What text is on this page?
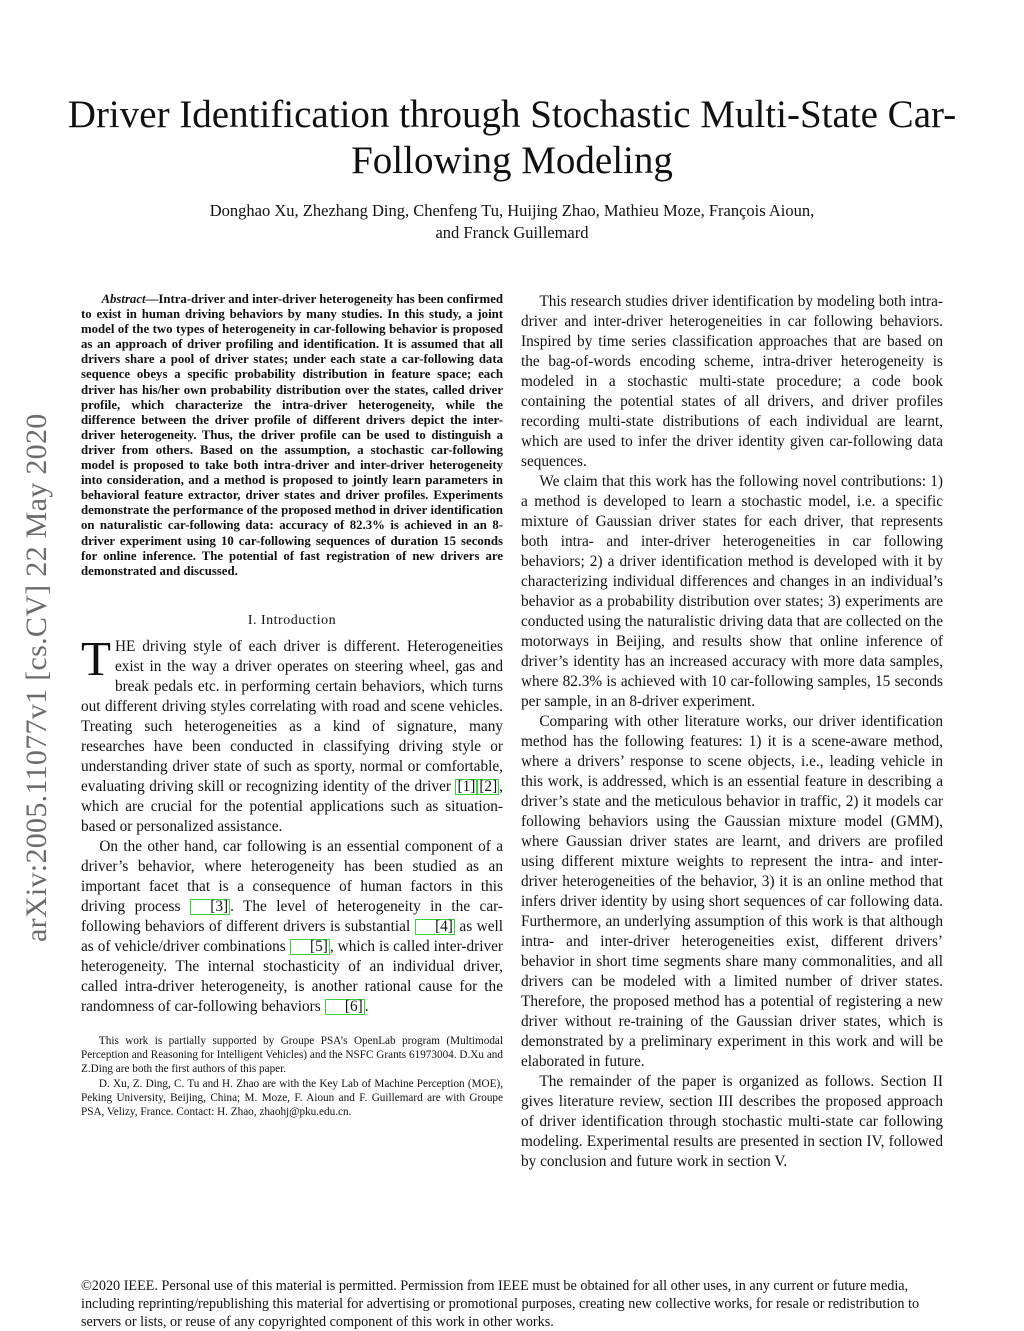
arXiv:2005.11077v1 [cs.CV] 22 May 2020
Driver Identification through Stochastic Multi-State Car-Following Modeling
Donghao Xu, Zhezhang Ding, Chenfeng Tu, Huijing Zhao, Mathieu Moze, François Aioun,
and Franck Guillemard

Abstract—Intra-driver and inter-driver heterogeneity has been confirmed to exist in human driving behaviors by many studies. In this study, a joint model of the two types of heterogeneity in car-following behavior is proposed as an approach of driver profiling and identification. It is assumed that all drivers share a pool of driver states; under each state a car-following data sequence obeys a specific probability distribution in feature space; each driver has his/her own probability distribution over the states, called driver profile, which characterize the intra-driver heterogeneity, while the difference between the driver profile of different drivers depict the inter-driver heterogeneity. Thus, the driver profile can be used to distinguish a driver from others. Based on the assumption, a stochastic car-following model is proposed to take both intra-driver and inter-driver heterogeneity into consideration, and a method is proposed to jointly learn parameters in behavioral feature extractor, driver states and driver profiles. Experiments demonstrate the performance of the proposed method in driver identification on naturalistic car-following data: accuracy of 82.3% is achieved in an 8-driver experiment using 10 car-following sequences of duration 15 seconds for online inference. The potential of fast registration of new drivers are demonstrated and discussed.

I. Introduction

THE driving style of each driver is different. Heterogeneities exist in the way a driver operates on steering wheel, gas and break pedals etc. in performing certain behaviors, which turns out different driving styles correlating with road and scene vehicles. Treating such heterogeneities as a kind of signature, many researches have been conducted in classifying driving style or understanding driver state of such as sporty, normal or comfortable, evaluating driving skill or recognizing identity of the driver [1] [2] , which are crucial for the potential applications such as situation-based or personalized assistance.

On the other hand, car following is an essential component of a driver’s behavior, where heterogeneity has been studied as an important facet that is a consequence of human factors in this driving process [3] . The level of heterogeneity in the car-following behaviors of different drivers is substantial [4] as well as of vehicle/driver combinations [5] , which is called inter-driver heterogeneity. The internal stochasticity of an individual driver, called intra-driver heterogeneity, is another rational cause for the randomness of car-following behaviors [6] .

This work is partially supported by Groupe PSA’s OpenLab program (Multimodal Perception and Reasoning for Intelligent Vehicles) and the NSFC Grants 61973004. D.Xu and Z.Ding are both the first authors of this paper.

D. Xu, Z. Ding, C. Tu and H. Zhao are with the Key Lab of Machine Perception (MOE), Peking University, Beijing, China; M. Moze, F. Aioun and F. Guillemard are with Groupe PSA, Velizy, France. Contact: H. Zhao, zhaohj@pku.edu.cn.

This research studies driver identification by modeling both intra-driver and inter-driver heterogeneities in car following behaviors. Inspired by time series classification approaches that are based on the bag-of-words encoding scheme, intra-driver heterogeneity is modeled in a stochastic multi-state procedure; a code book containing the potential states of all drivers, and driver profiles recording multi-state distributions of each individual are learnt, which are used to infer the driver identity given car-following data sequences.

We claim that this work has the following novel contributions: 1) a method is developed to learn a stochastic model, i.e. a specific mixture of Gaussian driver states for each driver, that represents both intra- and inter-driver heterogeneities in car following behaviors; 2) a driver identification method is developed with it by characterizing individual differences and changes in an individual’s behavior as a probability distribution over states; 3) experiments are conducted using the naturalistic driving data that are collected on the motorways in Beijing, and results show that online inference of driver’s identity has an increased accuracy with more data samples, where 82.3% is achieved with 10 car-following samples, 15 seconds per sample, in an 8-driver experiment.

Comparing with other literature works, our driver identification method has the following features: 1) it is a scene-aware method, where a drivers’ response to scene objects, i.e., leading vehicle in this work, is addressed, which is an essential feature in describing a driver’s state and the meticulous behavior in traffic, 2) it models car following behaviors using the Gaussian mixture model (GMM), where Gaussian driver states are learnt, and drivers are profiled using different mixture weights to represent the intra- and inter-driver heterogeneities of the behavior, 3) it is an online method that infers driver identity by using short sequences of car following data. Furthermore, an underlying assumption of this work is that although intra- and inter-driver heterogeneities exist, different drivers’ behavior in short time segments share many commonalities, and all drivers can be modeled with a limited number of driver states. Therefore, the proposed method has a potential of registering a new driver without re-training of the Gaussian driver states, which is demonstrated by a preliminary experiment in this work and will be elaborated in future.

The remainder of the paper is organized as follows. Section II gives literature review, section III describes the proposed approach of driver identification through stochastic multi-state car following modeling. Experimental results are presented in section IV, followed by conclusion and future work in section V.

©2020 IEEE. Personal use of this material is permitted. Permission from IEEE must be obtained for all other uses, in any current or future media, including reprinting/republishing this material for advertising or promotional purposes, creating new collective works, for resale or redistribution to servers or lists, or reuse of any copyrighted component of this work in other works.
